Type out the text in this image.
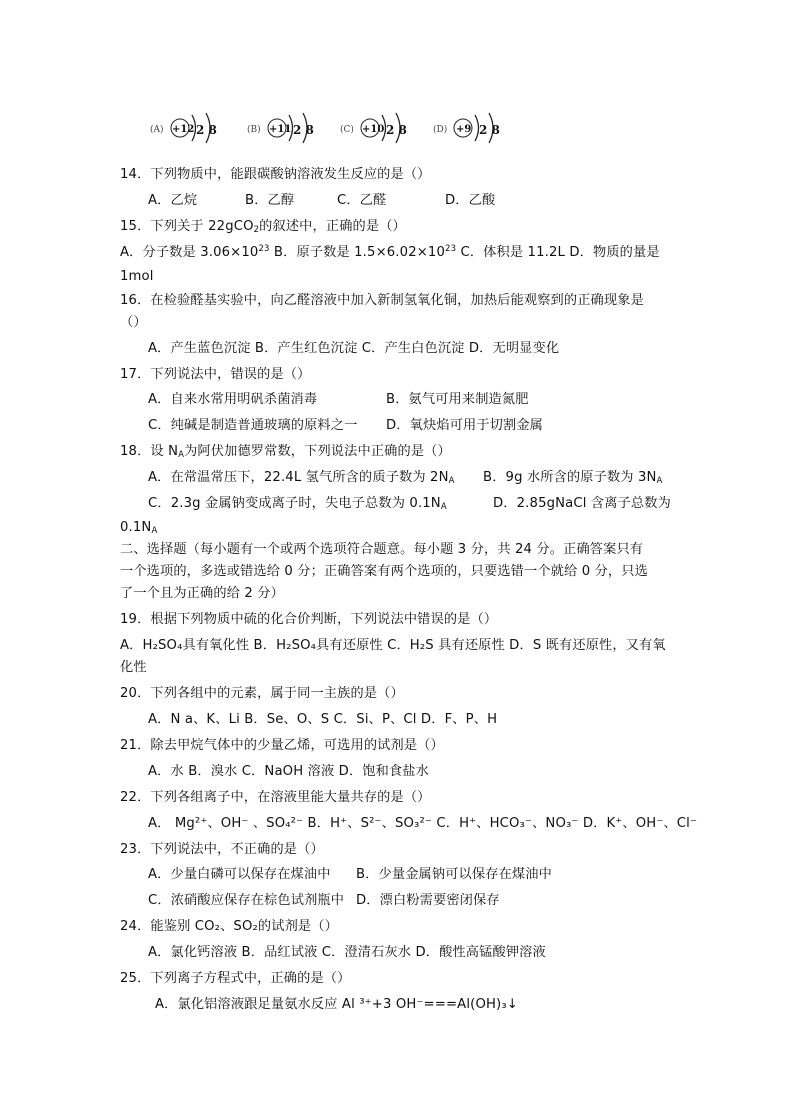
(A) +12 2 8	(B) +11 2 8	(C) +10 2 8	(D) +9 2 8
14．下列物质中，能跟碳酸钠溶液发生反应的是（）
A．乙烷	B．乙醇	C．乙醛	D．乙酸
15．下列关于 22gCO$_2$的叙述中，正确的是（）
A．分子数是 $3.06\times 10^{23}$ B．原子数是 $1.5\times 6.02\times 10^{23}$ C．体积是 11.2L D．物质的量是
1mol
16．在检验醛基实验中，向乙醛溶液中加入新制氢氧化铜，加热后能观察到的正确现象是
（）
A．产生蓝色沉淀 B．产生红色沉淀 C．产生白色沉淀 D．无明显变化
17．下列说法中，错误的是（）
A．自来水常用明矾杀菌消毒	B．氨气可用来制造氮肥
C．纯碱是制造普通玻璃的原料之一 D．氧炔焰可用于切割金属
18．设 $N_A$为阿伏加德罗常数，下列说法中正确的是（）
A．在常温常压下，22.4L 氢气所含的质子数为 $2N_A$ B．9g 水所含的原子数为 $3N_A$
C．2.3g 金属钠变成离子时，失电子总数为 $0.1N_A$	D．2.85gNaCl 含离子总数为
$0.1N_A$
二、选择题（每小题有一个或两个选项符合题意。每小题 3 分，共 24 分。正确答案只有
一个选项的，多选或错选给 0 分；正确答案有两个选项的，只要选错一个就给 0 分，只选
了一个且为正确的给 2 分）
19．根据下列物质中硫的化合价判断，下列说法中错误的是（）
A．H₂SO₄具有氧化性 B．H₂SO₄具有还原性 C．H₂S 具有还原性 D．S 既有还原性，又有氧
化性
20．下列各组中的元素，属于同一主族的是（）
A．N a、K、Li B．Se、O、S C．Si、P、Cl D．F、P、H
21．除去甲烷气体中的少量乙烯，可选用的试剂是（）
A．水 B．溴水 C．NaOH 溶液 D．饱和食盐水
22．下列各组离子中，在溶液里能大量共存的是（）
A． Mg²⁺、OH⁻ 、SO₄²⁻ B．H⁺、S²⁻、SO₃²⁻ C．H⁺、HCO₃⁻、NO₃⁻ D．K⁺、OH⁻、Cl⁻
23．下列说法中，不正确的是（）
A．少量白磷可以保存在煤油中 B．少量金属钠可以保存在煤油中
C．浓硝酸应保存在棕色试剂瓶中 D．漂白粉需要密闭保存
24．能鉴别 CO₂、SO₂的试剂是（）
A．氯化钙溶液 B．品红试液 C．澄清石灰水 D．酸性高锰酸钾溶液
25．下列离子方程式中，正确的是（）
A．氯化铝溶液跟足量氨水反应 Al ³⁺+3 OH⁻===Al(OH)₃↓
